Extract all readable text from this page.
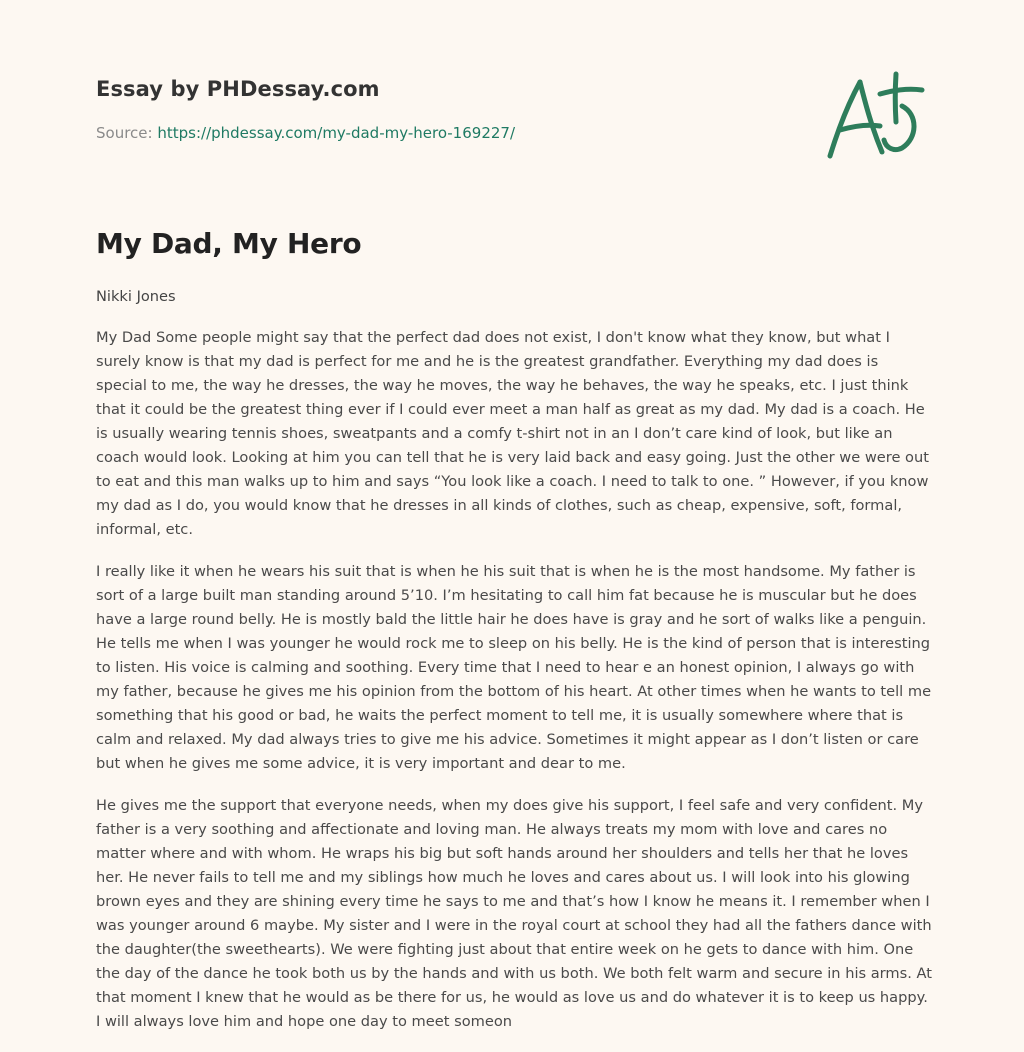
Essay by PHDessay.com
Source: https://phdessay.com/my-dad-my-hero-169227/
My Dad, My Hero

Nikki Jones

My Dad Some people might say that the perfect dad does not exist, I don't know what they know, but what I surely know is that my dad is perfect for me and he is the greatest grandfather. Everything my dad does is special to me, the way he dresses, the way he moves, the way he behaves, the way he speaks, etc. I just think that it could be the greatest thing ever if I could ever meet a man half as great as my dad. My dad is a coach. He is usually wearing tennis shoes, sweatpants and a comfy t-shirt not in an I don’t care kind of look, but like an coach would look. Looking at him you can tell that he is very laid back and easy going. Just the other we were out to eat and this man walks up to him and says “You look like a coach. I need to talk to one. ” However, if you know my dad as I do, you would know that he dresses in all kinds of clothes, such as cheap, expensive, soft, formal, informal, etc.

I really like it when he wears his suit that is when he his suit that is when he is the most handsome. My father is sort of a large built man standing around 5’10. I’m hesitating to call him fat because he is muscular but he does have a large round belly. He is mostly bald the little hair he does have is gray and he sort of walks like a penguin. He tells me when I was younger he would rock me to sleep on his belly. He is the kind of person that is interesting to listen. His voice is calming and soothing. Every time that I need to hear e an honest opinion, I always go with my father, because he gives me his opinion from the bottom of his heart. At other times when he wants to tell me something that his good or bad, he waits the perfect moment to tell me, it is usually somewhere where that is calm and relaxed. My dad always tries to give me his advice. Sometimes it might appear as I don’t listen or care but when he gives me some advice, it is very important and dear to me.

He gives me the support that everyone needs, when my does give his support, I feel safe and very confident. My father is a very soothing and affectionate and loving man. He always treats my mom with love and cares no matter where and with whom. He wraps his big but soft hands around her shoulders and tells her that he loves her. He never fails to tell me and my siblings how much he loves and cares about us. I will look into his glowing brown eyes and they are shining every time he says to me and that’s how I know he means it. I remember when I was younger around 6 maybe. My sister and I were in the royal court at school they had all the fathers dance with the daughter(the sweethearts). We were fighting just about that entire week on he gets to dance with him. One the day of the dance he took both us by the hands and with us both. We both felt warm and secure in his arms. At that moment I knew that he would as be there for us, he would as love us and do whatever it is to keep us happy. I will always love him and hope one day to meet someon
